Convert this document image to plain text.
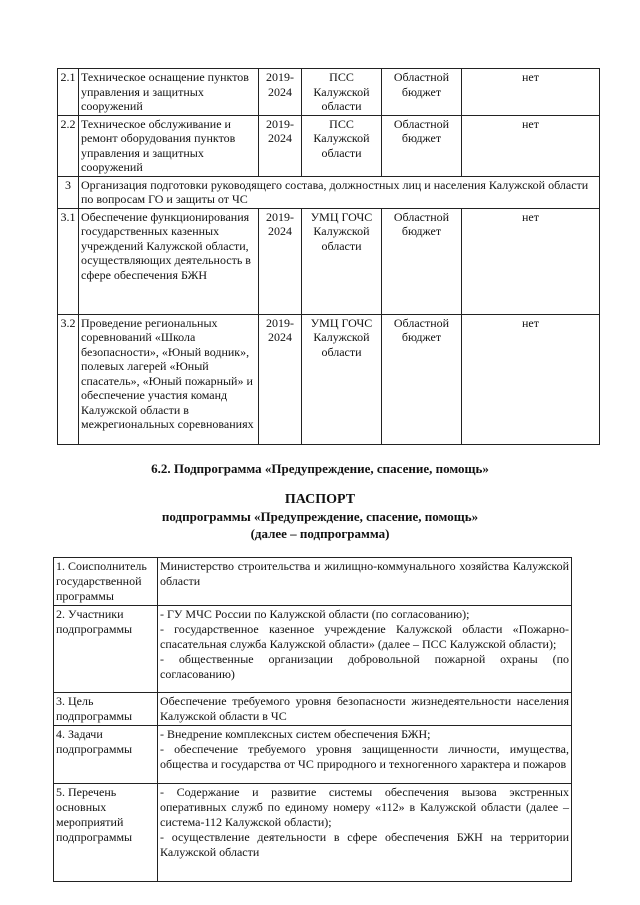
2.1	Техническое оснащение пунктов управления и защитных сооружений	2019-2024	ПСС Калужской области	Областной бюджет	нет
2.2	Техническое обслуживание и ремонт оборудования пунктов управления и защитных сооружений	2019-2024	ПСС Калужской области	Областной бюджет	нет
3	Организация подготовки руководящего состава, должностных лиц и населения Калужской области по вопросам ГО и защиты от ЧС				
3.1	Обеспечение функционирования государственных казенных учреждений Калужской области, осуществляющих деятельность в сфере обеспечения БЖН	2019-2024	УМЦ ГОЧС Калужской области	Областной бюджет	нет
3.2	Проведение региональных соревнований «Школа безопасности», «Юный водник», полевых лагерей «Юный спасатель», «Юный пожарный» и обеспечение участия команд Калужской области в межрегиональных соревнованиях	2019-2024	УМЦ ГОЧС Калужской области	Областной бюджет	нет
6.2. Подпрограмма «Предупреждение, спасение, помощь»
ПАСПОРТ
подпрограммы «Предупреждение, спасение, помощь»
(далее – подпрограмма)
1. Соисполнитель государственной программы	Министерство строительства и жилищно-коммунального хозяйства Калужской области

2. Участники подпрограммы	- ГУ МЧС России по Калужской области (по согласованию);
- государственное казенное учреждение Калужской области «Пожарно-спасательная служба Калужской области» (далее – ПСС Калужской области);
- общественные организации добровольной пожарной охраны (по согласованию)

3. Цель подпрограммы	Обеспечение требуемого уровня безопасности жизнедеятельности населения Калужской области в ЧС

4. Задачи подпрограммы	- Внедрение комплексных систем обеспечения БЖН;
- обеспечение требуемого уровня защищенности личности, имущества, общества и государства от ЧС природного и техногенного характера и пожаров

5. Перечень основных мероприятий подпрограммы	- Содержание и развитие системы обеспечения вызова экстренных оперативных служб по единому номеру «112» в Калужской области (далее – система-112 Калужской области);
- осуществление деятельности в сфере обеспечения БЖН на территории Калужской области
